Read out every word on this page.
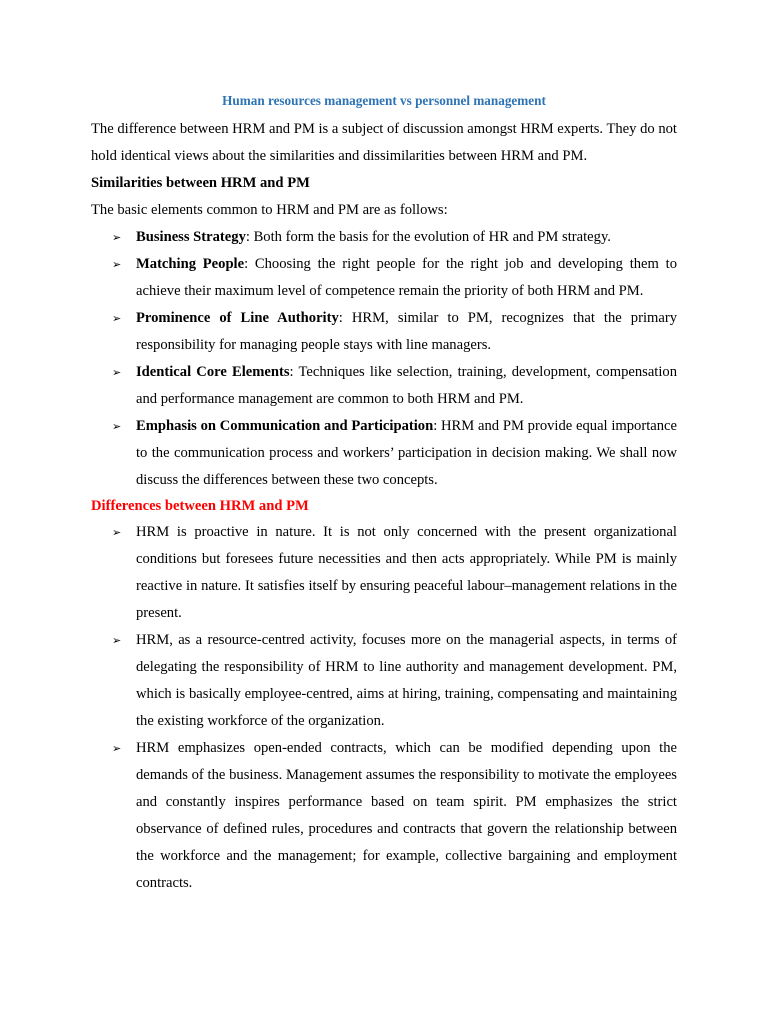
Human resources management vs personnel management

The difference between HRM and PM is a subject of discussion amongst HRM experts. They do not hold identical views about the similarities and dissimilarities between HRM and PM.

Similarities between HRM and PM

The basic elements common to HRM and PM are as follows:

➢ Business Strategy: Both form the basis for the evolution of HR and PM strategy.
➢ Matching People: Choosing the right people for the right job and developing them to achieve their maximum level of competence remain the priority of both HRM and PM.
➢ Prominence of Line Authority: HRM, similar to PM, recognizes that the primary responsibility for managing people stays with line managers.
➢ Identical Core Elements: Techniques like selection, training, development, compensation and performance management are common to both HRM and PM.
➢ Emphasis on Communication and Participation: HRM and PM provide equal importance to the communication process and workers’ participation in decision making. We shall now discuss the differences between these two concepts.
Differences between HRM and PM
➢ HRM is proactive in nature. It is not only concerned with the present organizational conditions but foresees future necessities and then acts appropriately. While PM is mainly reactive in nature. It satisfies itself by ensuring peaceful labour–management relations in the present.
➢ HRM, as a resource-centred activity, focuses more on the managerial aspects, in terms of delegating the responsibility of HRM to line authority and management development. PM, which is basically employee-centred, aims at hiring, training, compensating and maintaining the existing workforce of the organization.
➢ HRM emphasizes open-ended contracts, which can be modified depending upon the demands of the business. Management assumes the responsibility to motivate the employees and constantly inspires performance based on team spirit. PM emphasizes the strict observance of defined rules, procedures and contracts that govern the relationship between the workforce and the management; for example, collective bargaining and employment contracts.
